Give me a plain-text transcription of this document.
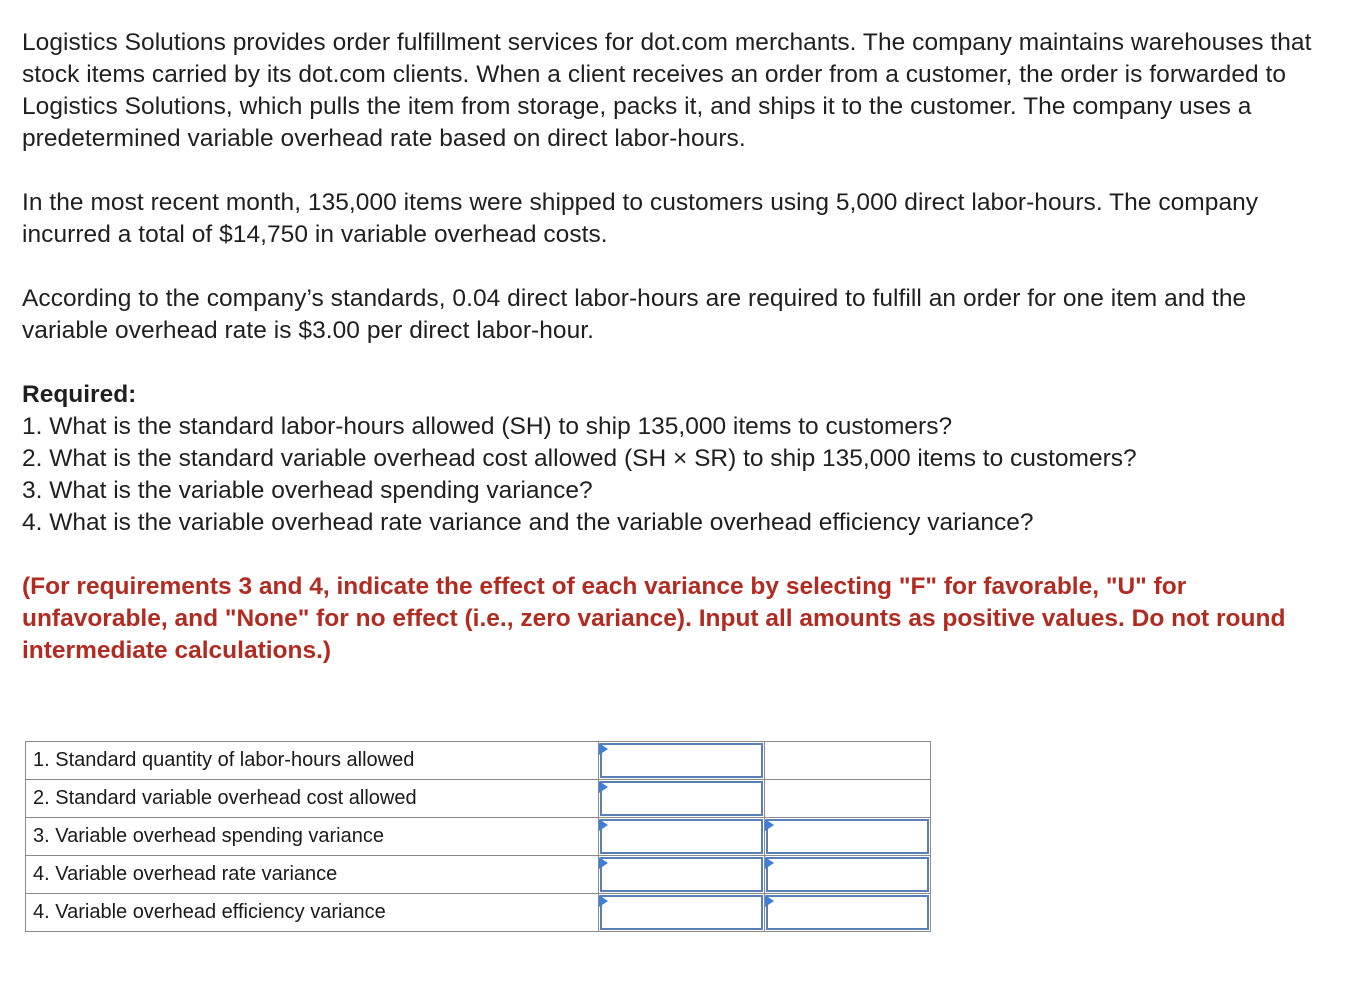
Logistics Solutions provides order fulfillment services for dot.com merchants. The company maintains warehouses that stock items carried by its dot.com clients. When a client receives an order from a customer, the order is forwarded to Logistics Solutions, which pulls the item from storage, packs it, and ships it to the customer. The company uses a predetermined variable overhead rate based on direct labor-hours.

In the most recent month, 135,000 items were shipped to customers using 5,000 direct labor-hours. The company incurred a total of $14,750 in variable overhead costs.

According to the company’s standards, 0.04 direct labor-hours are required to fulfill an order for one item and the variable overhead rate is $3.00 per direct labor-hour.

Required:

1. What is the standard labor-hours allowed (SH) to ship 135,000 items to customers?
2. What is the standard variable overhead cost allowed (SH × SR) to ship 135,000 items to customers?
3. What is the variable overhead spending variance?
4. What is the variable overhead rate variance and the variable overhead efficiency variance?

(For requirements 3 and 4, indicate the effect of each variance by selecting "F" for favorable, "U" for unfavorable, and "None" for no effect (i.e., zero variance). Input all amounts as positive values. Do not round intermediate calculations.)

1. Standard quantity of labor-hours allowed	

2. Standard variable overhead cost allowed	

3. Variable overhead spending variance	

4. Variable overhead rate variance	

4. Variable overhead efficiency variance	
